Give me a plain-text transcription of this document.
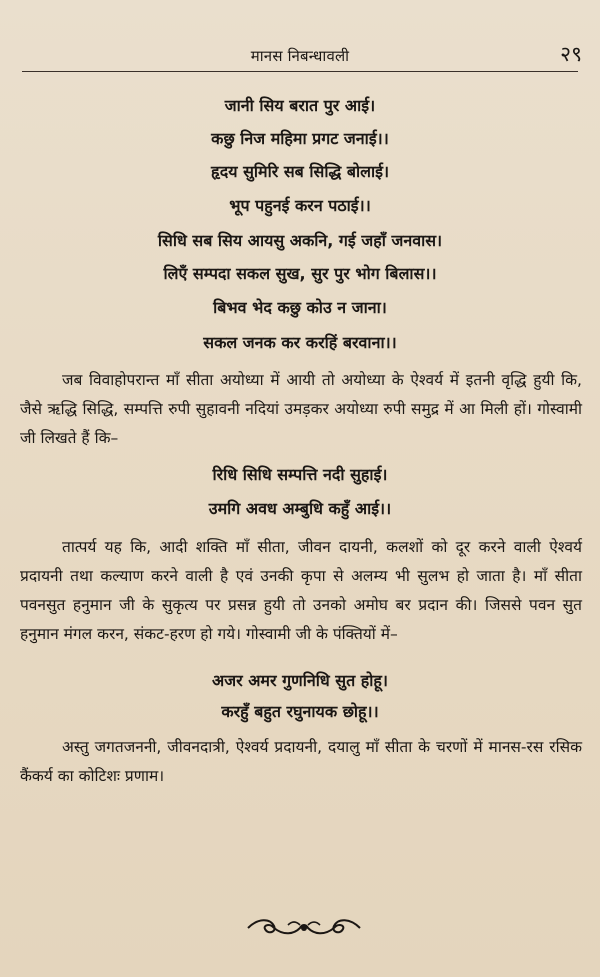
मानस निबन्धावली	२९
जानी सिय बरात पुर आई।
कछु निज महिमा प्रगट जनाई।।
हृदय सुमिरि सब सिद्धि बोलाई।
भूप पहुनई करन पठाई।।
सिधि सब सिय आयसु अकनि, गई जहाँ जनवास।
लिएँ सम्पदा सकल सुख, सुर पुर भोग बिलास।।
बिभव भेद कछु कोउ न जाना।
सकल जनक कर करहिं बरवाना।।
जब विवाहोपरान्त माँ सीता अयोध्या में आयी तो अयोध्या के ऐश्वर्य में इतनी वृद्धि हुयी कि, जैसे ऋद्धि सिद्धि, सम्पत्ति रुपी सुहावनी नदियां उमड़कर अयोध्या रुपी समुद्र में आ मिली हों। गोस्वामी जी लिखते हैं कि–
रिधि सिधि सम्पत्ति नदी सुहाई।
उमगि अवध अम्बुधि कहुँ आई।।
तात्पर्य यह कि, आदी शक्ति माँ सीता, जीवन दायनी, कलशों को दूर करने वाली ऐश्वर्य प्रदायनी तथा कल्याण करने वाली है एवं उनकी कृपा से अलम्य भी सुलभ हो जाता है। माँ सीता पवनसुत हनुमान जी के सुकृत्य पर प्रसन्न हुयी तो उनको अमोघ बर प्रदान की। जिससे पवन सुत हनुमान मंगल करन, संकट-हरण हो गये। गोस्वामी जी के पंक्तियों में–
अजर अमर गुणनिधि सुत होहू।
करहुँ बहुत रघुनायक छोहू।।
अस्तु जगतजननी, जीवनदात्री, ऐश्वर्य प्रदायनी, दयालु माँ सीता के चरणों में मानस-रस रसिक कैंकर्य का कोटिशः प्रणाम।
